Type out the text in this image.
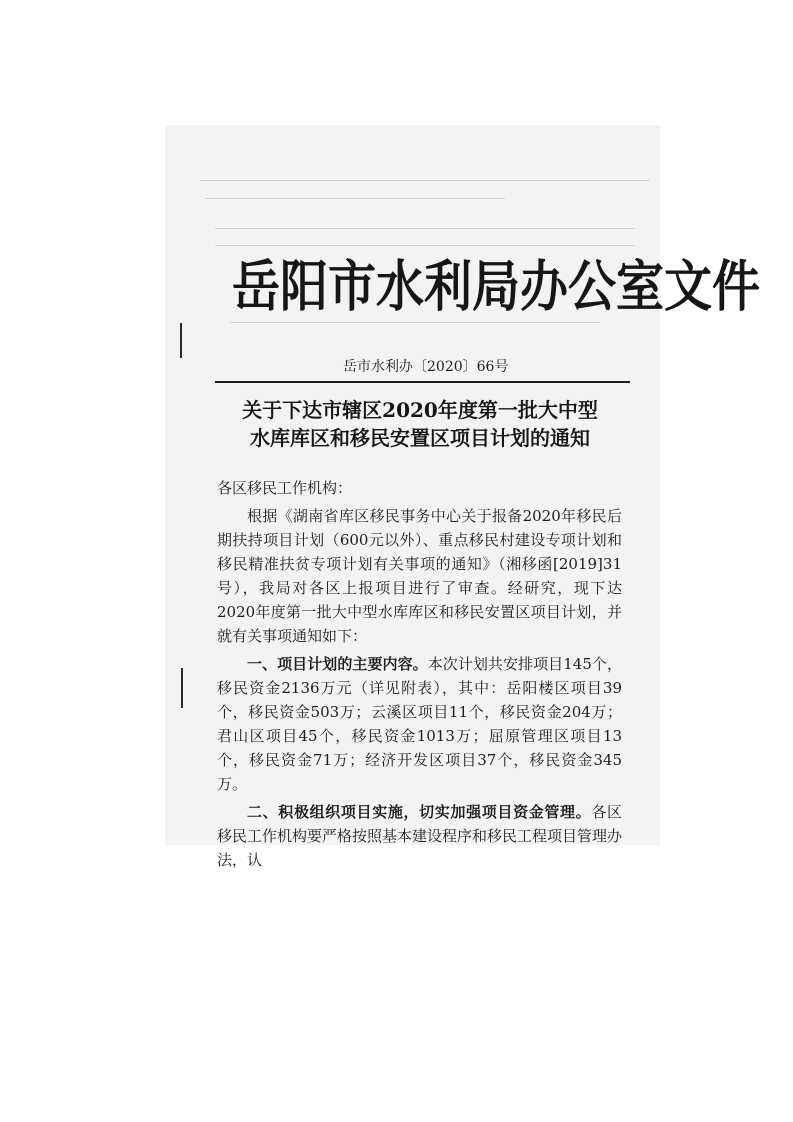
岳阳市水利局办公室文件
岳市水利办〔2020〕66号
关于下达市辖区2020年度第一批大中型
水库库区和移民安置区项目计划的通知

各区移民工作机构：

根据《湖南省库区移民事务中心关于报备2020年移民后期扶持项目计划（600元以外）、重点移民村建设专项计划和移民精准扶贫专项计划有关事项的通知》（湘移函[2019]31号），我局对各区上报项目进行了审查。经研究，现下达2020年度第一批大中型水库库区和移民安置区项目计划，并就有关事项通知如下：

一、项目计划的主要内容。本次计划共安排项目145个，移民资金2136万元（详见附表），其中：岳阳楼区项目39个，移民资金503万；云溪区项目11个，移民资金204万；君山区项目45个，移民资金1013万；屈原管理区项目13个，移民资金71万；经济开发区项目37个，移民资金345万。

二、积极组织项目实施，切实加强项目资金管理。各区移民工作机构要严格按照基本建设程序和移民工程项目管理办法，认
